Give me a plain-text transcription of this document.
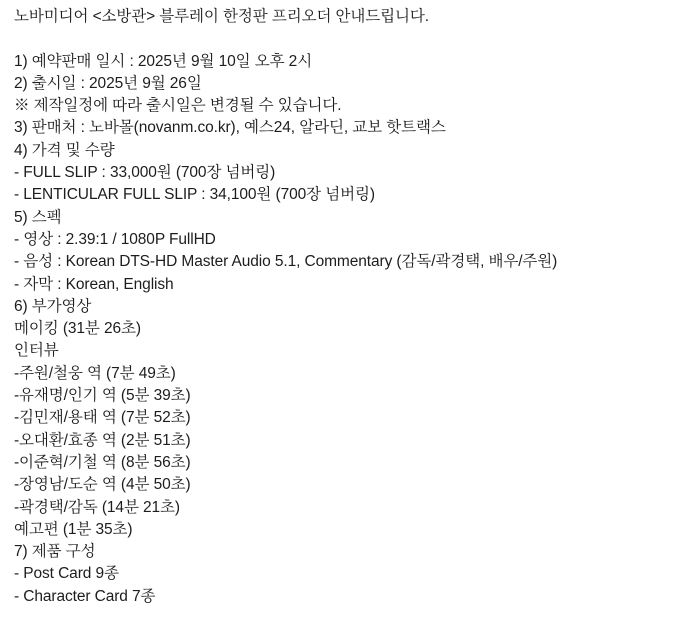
노바미디어 <소방관> 블루레이 한정판 프리오더 안내드립니다.
1) 예약판매 일시 : 2025년 9월 10일 오후 2시
2) 출시일 : 2025년 9월 26일
※ 제작일정에 따라 출시일은 변경될 수 있습니다.
3) 판매처 : 노바몰(novanm.co.kr), 예스24, 알라딘, 교보 핫트랙스
4) 가격 및 수량
- FULL SLIP : 33,000원 (700장 넘버링)
- LENTICULAR FULL SLIP : 34,100원 (700장 넘버링)
5) 스펙
- 영상 : 2.39:1 / 1080P FullHD
- 음성 : Korean DTS-HD Master Audio 5.1, Commentary (감독/곽경택, 배우/주원)
- 자막 : Korean, English
6) 부가영상
메이킹 (31분 26초)
인터뷰
-주원/철웅 역 (7분 49초)
-유재명/인기 역 (5분 39초)
-김민재/용태 역 (7분 52초)
-오대환/효종 역 (2분 51초)
-이준혁/기철 역 (8분 56초)
-장영남/도순 역 (4분 50초)
-곽경택/감독 (14분 21초)
예고편 (1분 35초)
7) 제품 구성
- Post Card 9종
- Character Card 7종
